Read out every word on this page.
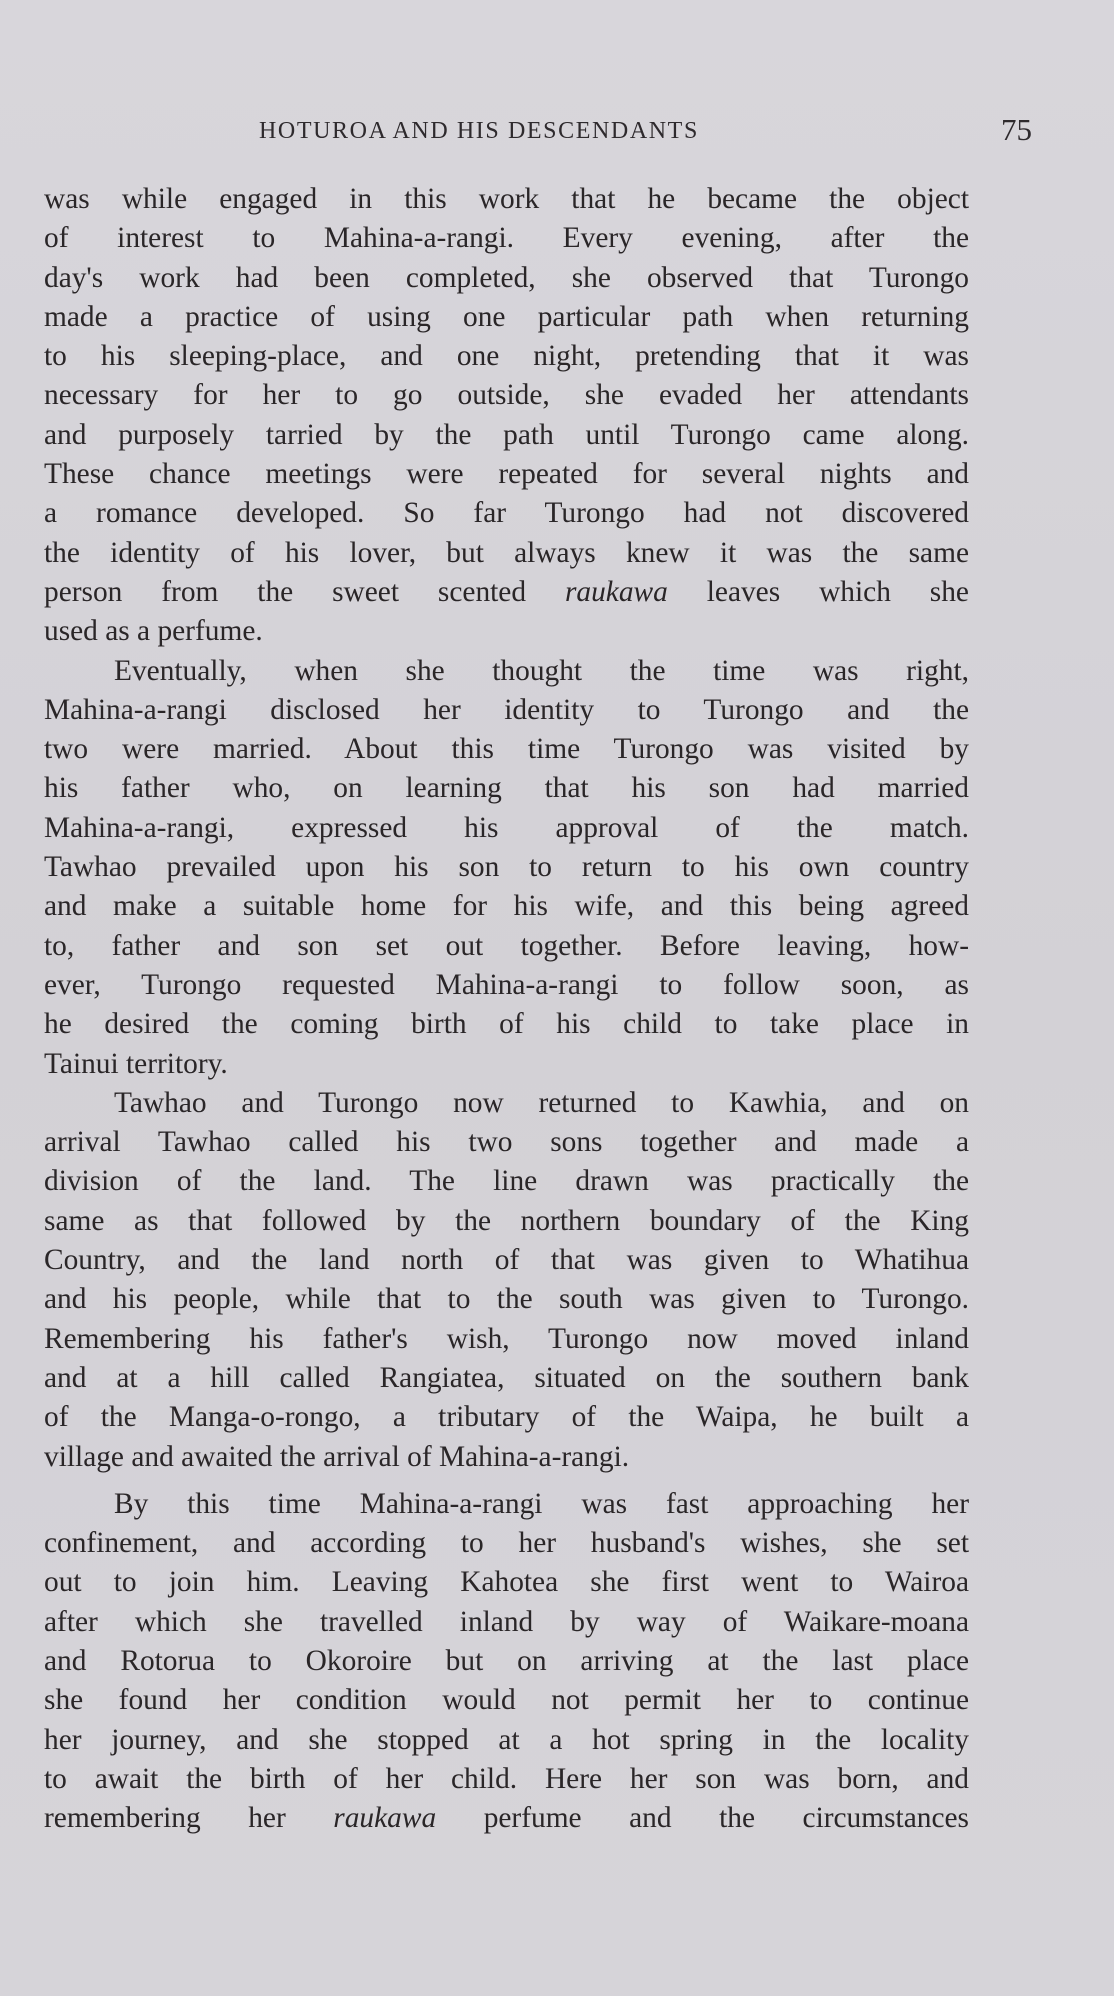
HOTUROA AND HIS DESCENDANTS	75

was while engaged in this work that he became the object
of interest to Mahina-a-rangi. Every evening, after the
day's work had been completed, she observed that Turongo
made a practice of using one particular path when returning
to his sleeping-place, and one night, pretending that it was
necessary for her to go outside, she evaded her attendants
and purposely tarried by the path until Turongo came along.
These chance meetings were repeated for several nights and
a romance developed. So far Turongo had not discovered
the identity of his lover, but always knew it was the same
person from the sweet scented raukawa leaves which she
used as a perfume.

Eventually, when she thought the time was right,
Mahina-a-rangi disclosed her identity to Turongo and the
two were married. About this time Turongo was visited by
his father who, on learning that his son had married
Mahina-a-rangi, expressed his approval of the match.
Tawhao prevailed upon his son to return to his own country
and make a suitable home for his wife, and this being agreed
to, father and son set out together. Before leaving, how-
ever, Turongo requested Mahina-a-rangi to follow soon, as
he desired the coming birth of his child to take place in
Tainui territory.

Tawhao and Turongo now returned to Kawhia, and on
arrival Tawhao called his two sons together and made a
division of the land. The line drawn was practically the
same as that followed by the northern boundary of the King
Country, and the land north of that was given to Whatihua
and his people, while that to the south was given to Turongo.
Remembering his father's wish, Turongo now moved inland
and at a hill called Rangiatea, situated on the southern bank
of the Manga-o-rongo, a tributary of the Waipa, he built a
village and awaited the arrival of Mahina-a-rangi.

By this time Mahina-a-rangi was fast approaching her
confinement, and according to her husband's wishes, she set
out to join him. Leaving Kahotea she first went to Wairoa
after which she travelled inland by way of Waikare-moana
and Rotorua to Okoroire but on arriving at the last place
she found her condition would not permit her to continue
her journey, and she stopped at a hot spring in the locality
to await the birth of her child. Here her son was born, and
remembering her raukawa perfume and the circumstances
